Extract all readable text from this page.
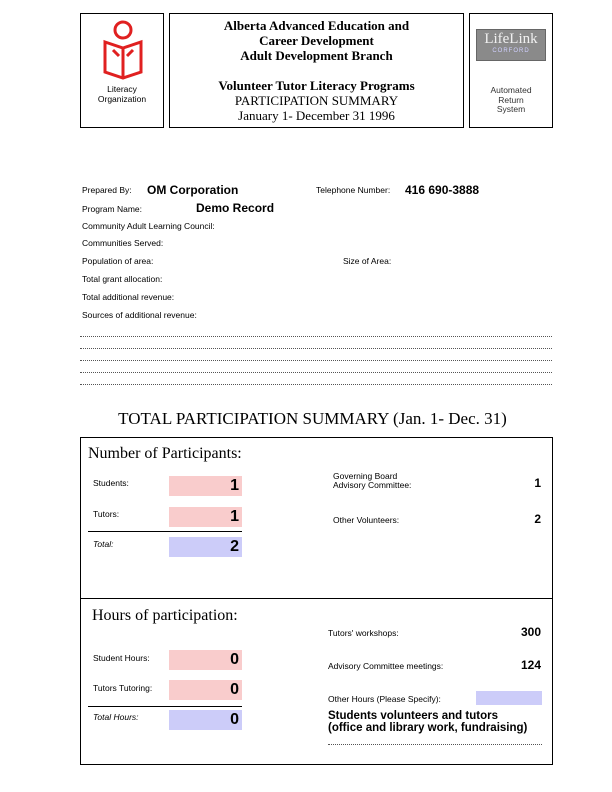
Literacy
Organization
Alberta Advanced Education and
Career Development
Adult Development Branch
Volunteer Tutor Literacy Programs
PARTICIPATION SUMMARY
January 1- December 31 1996
LifeLink
CORFORD
Automated
Return
System
Prepared By: OM Corporation	Telephone Number: 416 690-3888
Program Name:	Demo Record
Community Adult Learning Council:
Communities Served:
Population of area:	Size of Area:
Total grant allocation:
Total additional revenue:
Sources of additional revenue:
TOTAL PARTICIPATION SUMMARY (Jan. 1- Dec. 31)
Number of Participants:
Students:	1
Tutors:	1
Total:	2
Governing Board
Advisory Committee:	1
Other Volunteers:	2
Hours of participation:
Student Hours:	0
Tutors Tutoring:	0
Total Hours:	0
Tutors' workshops:	300
Advisory Committee meetings:	124
Other Hours (Please Specify):
Students volunteers and tutors
(office and library work, fundraising)
